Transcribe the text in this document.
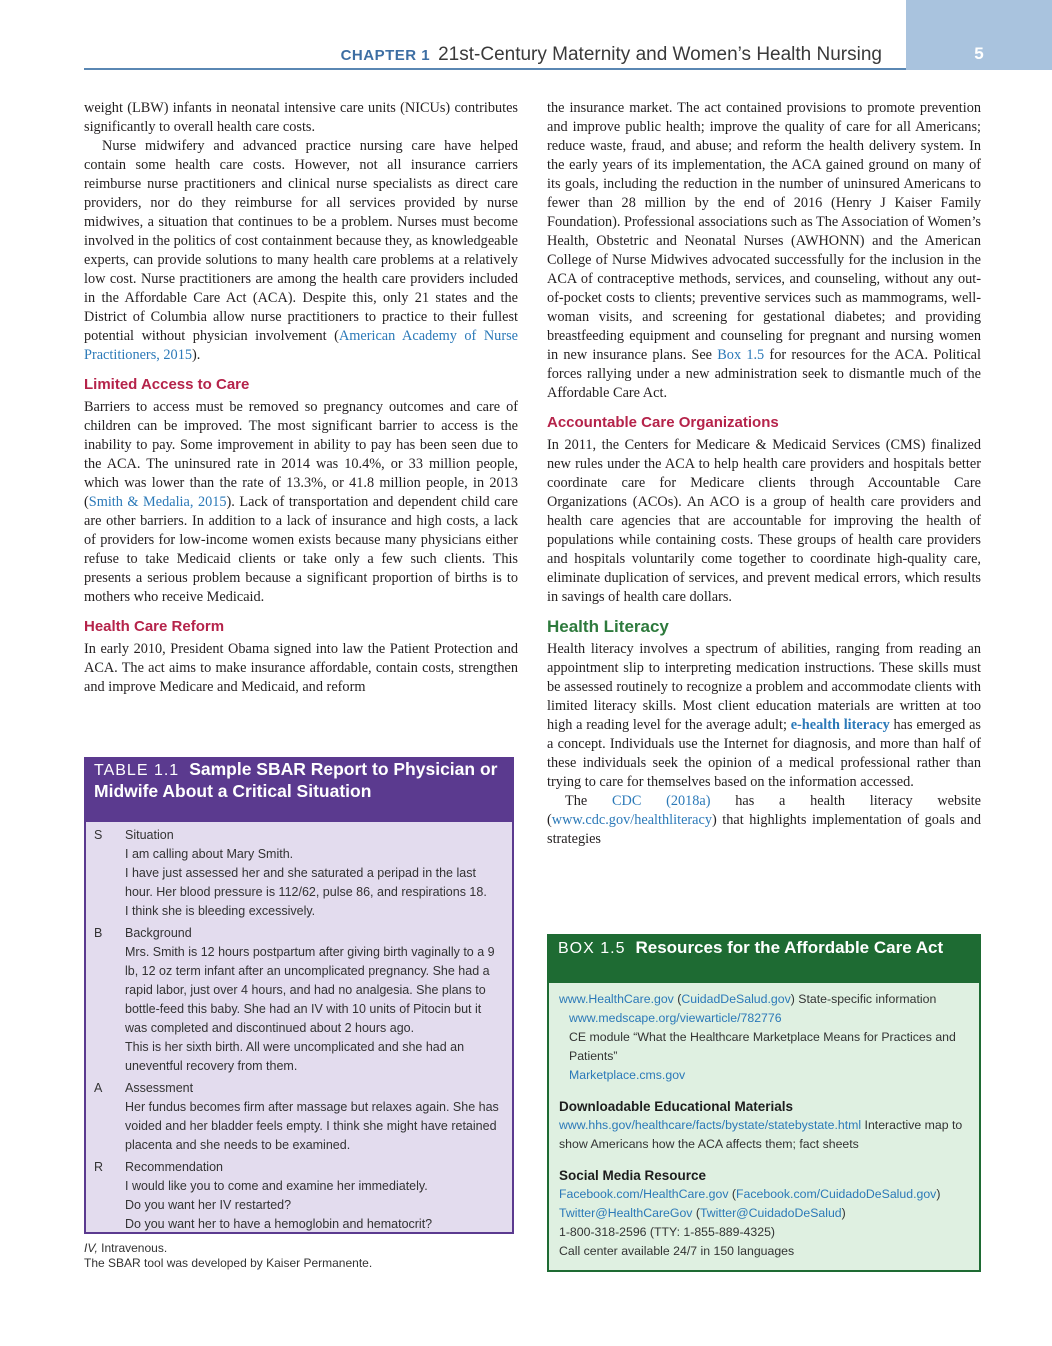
5
CHAPTER 1 21st-Century Maternity and Women’s Health Nursing

weight (LBW) infants in neonatal intensive care units (NICUs) contributes significantly to overall health care costs.

Nurse midwifery and advanced practice nursing care have helped contain some health care costs. However, not all insurance carriers reimburse nurse practitioners and clinical nurse specialists as direct care providers, nor do they reimburse for all services provided by nurse midwives, a situation that continues to be a problem. Nurses must become involved in the politics of cost containment because they, as knowledgeable experts, can provide solutions to many health care problems at a relatively low cost. Nurse practitioners are among the health care providers included in the Affordable Care Act (ACA). Despite this, only 21 states and the District of Columbia allow nurse practitioners to practice to their fullest potential without physician involvement (American Academy of Nurse Practitioners, 2015).

Limited Access to Care

Barriers to access must be removed so pregnancy outcomes and care of children can be improved. The most significant barrier to access is the inability to pay. Some improvement in ability to pay has been seen due to the ACA. The uninsured rate in 2014 was 10.4%, or 33 million people, which was lower than the rate of 13.3%, or 41.8 million people, in 2013 (Smith & Medalia, 2015). Lack of transportation and dependent child care are other barriers. In addition to a lack of insurance and high costs, a lack of providers for low-income women exists because many physicians either refuse to take Medicaid clients or take only a few such clients. This presents a serious problem because a significant proportion of births is to mothers who receive Medicaid.

Health Care Reform

In early 2010, President Obama signed into law the Patient Protection and ACA. The act aims to make insurance affordable, contain costs, strengthen and improve Medicare and Medicaid, and reform

the insurance market. The act contained provisions to promote prevention and improve public health; improve the quality of care for all Americans; reduce waste, fraud, and abuse; and reform the health delivery system. In the early years of its implementation, the ACA gained ground on many of its goals, including the reduction in the number of uninsured Americans to fewer than 28 million by the end of 2016 (Henry J Kaiser Family Foundation). Professional associations such as The Association of Women’s Health, Obstetric and Neonatal Nurses (AWHONN) and the American College of Nurse Midwives advocated successfully for the inclusion in the ACA of contraceptive methods, services, and counseling, without any out-of-pocket costs to clients; preventive services such as mammograms, well-woman visits, and screening for gestational diabetes; and providing breastfeeding equipment and counseling for pregnant and nursing women in new insurance plans. See Box 1.5 for resources for the ACA. Political forces rallying under a new administration seek to dismantle much of the Affordable Care Act.

Accountable Care Organizations

In 2011, the Centers for Medicare & Medicaid Services (CMS) finalized new rules under the ACA to help health care providers and hospitals better coordinate care for Medicare clients through Accountable Care Organizations (ACOs). An ACO is a group of health care providers and health care agencies that are accountable for improving the health of populations while containing costs. These groups of health care providers and hospitals voluntarily come together to coordinate high-quality care, eliminate duplication of services, and prevent medical errors, which results in savings of health care dollars.

Health Literacy

Health literacy involves a spectrum of abilities, ranging from reading an appointment slip to interpreting medication instructions. These skills must be assessed routinely to recognize a problem and accommodate clients with limited literacy skills. Most client education materials are written at too high a reading level for the average adult; e-health literacy has emerged as a concept. Individuals use the Internet for diagnosis, and more than half of these individuals seek the opinion of a medical professional rather than trying to care for themselves based on the information accessed.

The CDC (2018a) has a health literacy website (www.cdc.gov/healthliteracy) that highlights implementation of goals and strategies

TABLE 1.1 Sample SBAR Report to Physician or Midwife About a Critical Situation
S Situation
I am calling about Mary Smith.
I have just assessed her and she saturated a peripad in the last hour. Her blood pressure is 112/62, pulse 86, and respirations 18.
I think she is bleeding excessively.
B Background
Mrs. Smith is 12 hours postpartum after giving birth vaginally to a 9 lb, 12 oz term infant after an uncomplicated pregnancy. She had a rapid labor, just over 4 hours, and had no analgesia. She plans to bottle-feed this baby. She had an IV with 10 units of Pitocin but it was completed and discontinued about 2 hours ago.
This is her sixth birth. All were uncomplicated and she had an uneventful recovery from them.
A Assessment
Her fundus becomes firm after massage but relaxes again. She has voided and her bladder feels empty. I think she might have retained placenta and she needs to be examined.
R Recommendation
I would like you to come and examine her immediately.
Do you want her IV restarted?
Do you want her to have a hemoglobin and hematocrit?
IV, Intravenous.
The SBAR tool was developed by Kaiser Permanente.
BOX 1.5 Resources for the Affordable Care Act
www.HealthCare.gov (CuidadDeSalud.gov) State-specific information
www.medscape.org/viewarticle/782776
CE module “What the Healthcare Marketplace Means for Practices and Patients”
Marketplace.cms.gov
Downloadable Educational Materials
www.hhs.gov/healthcare/facts/bystate/statebystate.html Interactive map to show Americans how the ACA affects them; fact sheets
Social Media Resource
Facebook.com/HealthCare.gov (Facebook.com/CuidadoDeSalud.gov)
Twitter@HealthCareGov (Twitter@CuidadoDeSalud)
1-800-318-2596 (TTY: 1-855-889-4325)
Call center available 24/7 in 150 languages
